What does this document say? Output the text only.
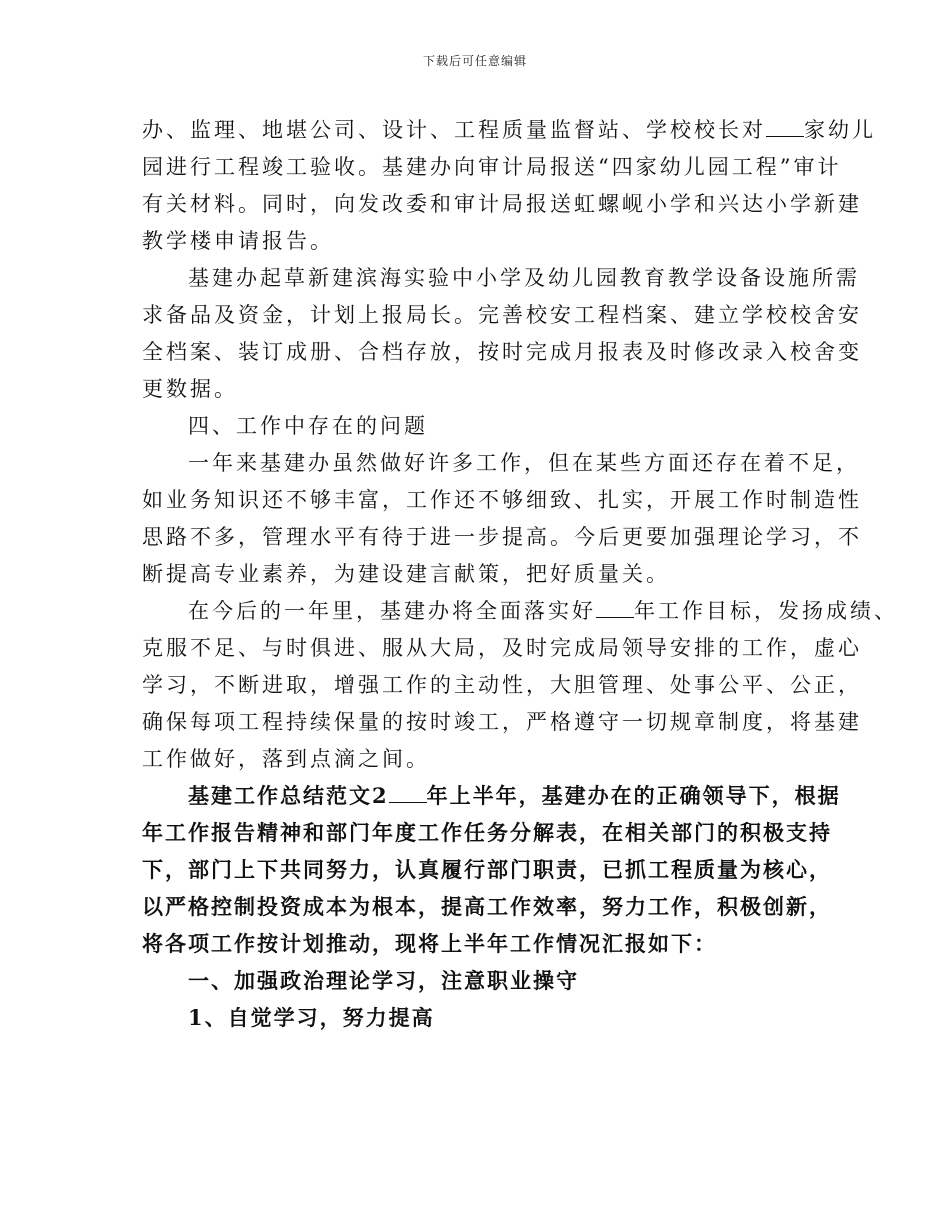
下载后可任意编辑
办、监理、地堪公司、设计、工程质量监督站、学校校长对 家幼儿
园进行工程竣工验收。基建办向审计局报送“四家幼儿园工程”审计
有关材料。同时，向发改委和审计局报送虹螺岘小学和兴达小学新建
教学楼申请报告。
基建办起草新建滨海实验中小学及幼儿园教育教学设备设施所需
求备品及资金，计划上报局长。完善校安工程档案、建立学校校舍安
全档案、装订成册、合档存放，按时完成月报表及时修改录入校舍变
更数据。
四、工作中存在的问题
一年来基建办虽然做好许多工作，但在某些方面还存在着不足，
如业务知识还不够丰富，工作还不够细致、扎实，开展工作时制造性
思路不多，管理水平有待于进一步提高。今后更要加强理论学习，不
断提高专业素养，为建设建言献策，把好质量关。
在今后的一年里，基建办将全面落实好 年工作目标，发扬成绩、
克服不足、与时俱进、服从大局，及时完成局领导安排的工作，虚心
学习，不断进取，增强工作的主动性，大胆管理、处事公平、公正，
确保每项工程持续保量的按时竣工，严格遵守一切规章制度，将基建
工作做好，落到点滴之间。
基建工作总结范文2 年上半年，基建办在的正确领导下，根据
年工作报告精神和部门年度工作任务分解表，在相关部门的积极支持
下，部门上下共同努力，认真履行部门职责，已抓工程质量为核心，
以严格控制投资成本为根本，提高工作效率，努力工作，积极创新，
将各项工作按计划推动，现将上半年工作情况汇报如下：
一、加强政治理论学习，注意职业操守
1、自觉学习，努力提高
